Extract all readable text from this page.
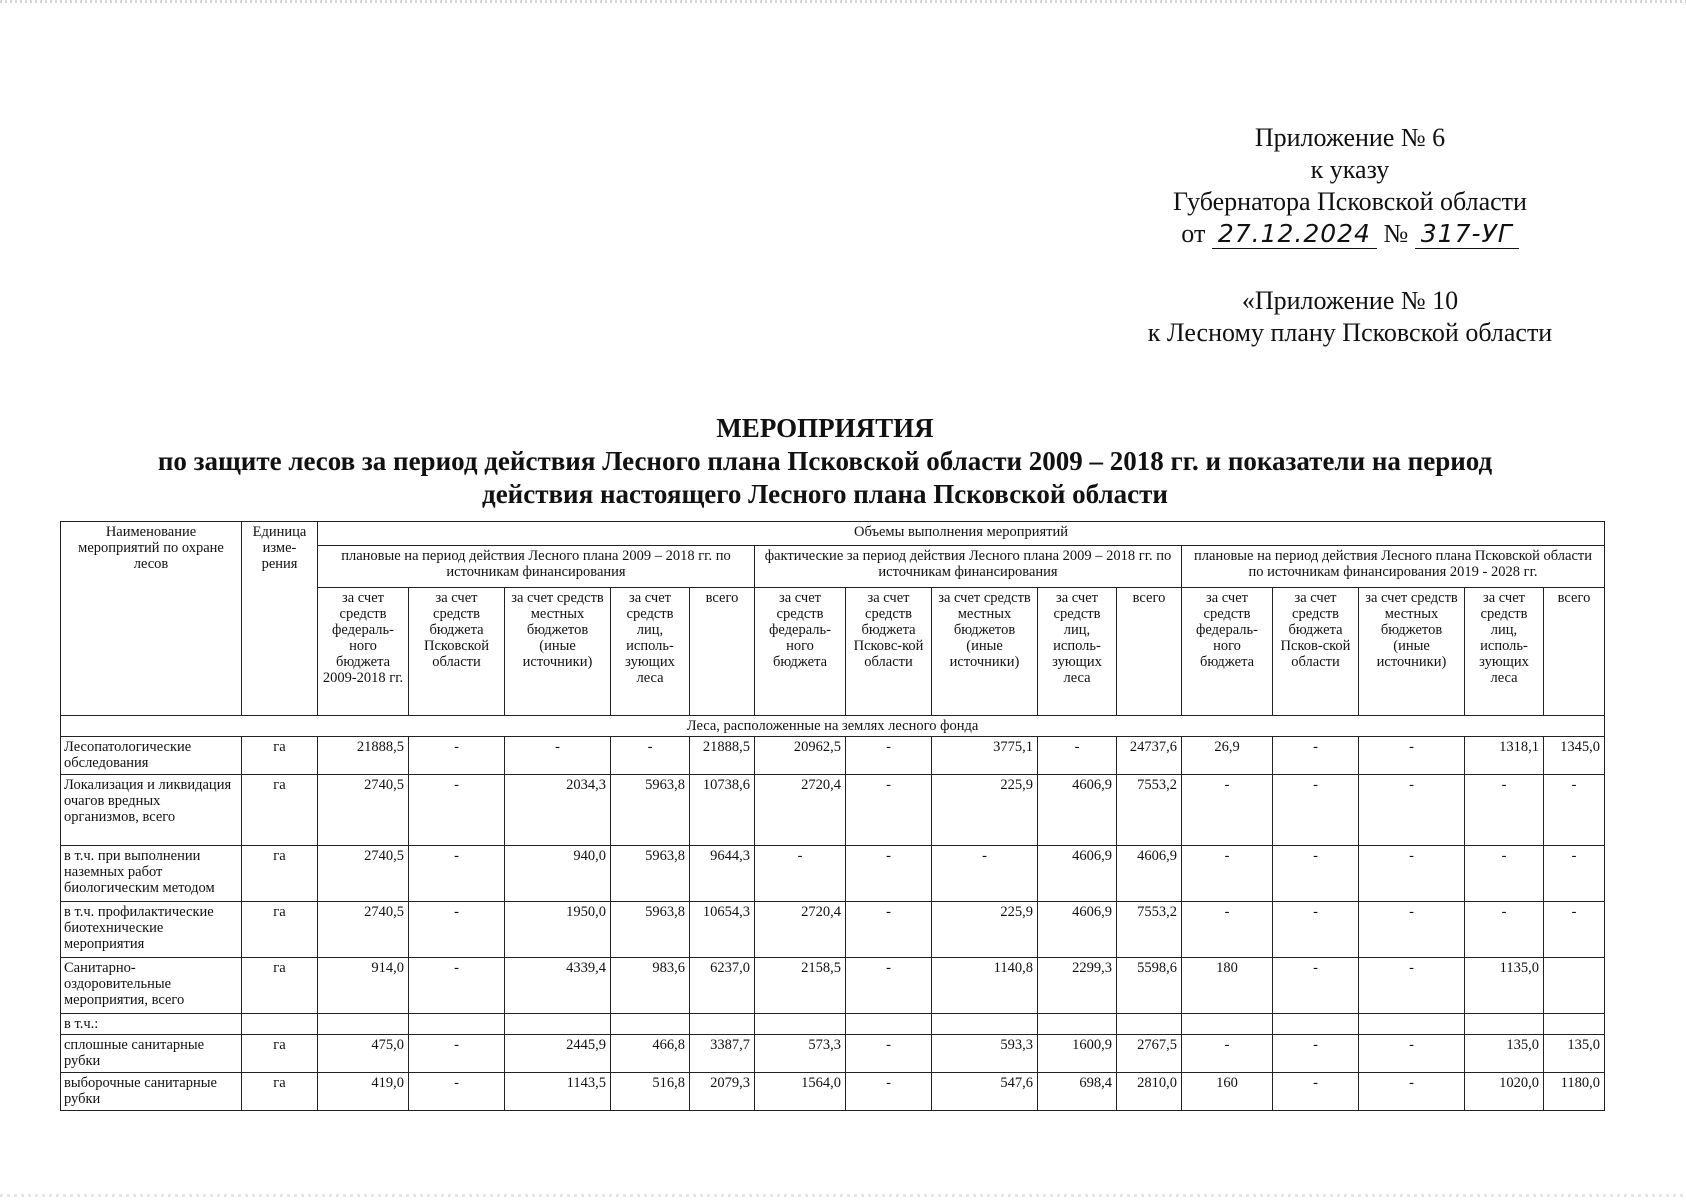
Приложение № 6
к указу
Губернатора Псковской области
от 27.12.2024 № 317-УГ
«Приложение № 10
к Лесному плану Псковской области
МЕРОПРИЯТИЯ
по защите лесов за период действия Лесного плана Псковской области 2009 – 2018 гг. и показатели на период
действия настоящего Лесного плана Псковской области
Наименование мероприятий по охране лесов	Единица изме-рения	Объемы выполнения мероприятий														
		плановые на период действия Лесного плана 2009 – 2018 гг. по источникам финансирования					фактические за период действия Лесного плана 2009 – 2018 гг. по источникам финансирования					плановые на период действия Лесного плана Псковской области по источникам финансирования 2019 - 2028 гг.				
		за счет средств федераль-ного бюджета 2009-2018 гг.	за счет средств бюджета Псковской области	за счет средств местных бюджетов (иные источники)	за счет средств лиц, исполь-зующих леса	всего	за счет средств федераль-ного бюджета	за счет средств бюджета Псковс-кой области	за счет средств местных бюджетов (иные источники)	за счет средств лиц, исполь-зующих леса	всего	за счет средств федераль-ного бюджета	за счет средств бюджета Псков-ской области	за счет средств местных бюджетов (иные источники)	за счет средств лиц, исполь-зующих леса	всего
Леса, расположенные на землях лесного фонда																
Лесопатологические обследования	га	21888,5	-	-	-	21888,5	20962,5	-	3775,1	-	24737,6	26,9	-	-	1318,1	1345,0
Локализация и ликвидация очагов вредных организмов, всего	га	2740,5	-	2034,3	5963,8	10738,6	2720,4	-	225,9	4606,9	7553,2	-	-	-	-	-
в т.ч. при выполнении наземных работ биологическим методом	га	2740,5	-	940,0	5963,8	9644,3	-	-	-	4606,9	4606,9	-	-	-	-	-
в т.ч. профилактические биотехнические мероприятия	га	2740,5	-	1950,0	5963,8	10654,3	2720,4	-	225,9	4606,9	7553,2	-	-	-	-	-
Санитарно-оздоровительные мероприятия, всего	га	914,0	-	4339,4	983,6	6237,0	2158,5	-	1140,8	2299,3	5598,6	180	-	-	1135,0	
в т.ч.:																
сплошные санитарные рубки	га	475,0	-	2445,9	466,8	3387,7	573,3	-	593,3	1600,9	2767,5	-	-	-	135,0	135,0
выборочные санитарные рубки	га	419,0	-	1143,5	516,8	2079,3	1564,0	-	547,6	698,4	2810,0	160	-	-	1020,0	1180,0
